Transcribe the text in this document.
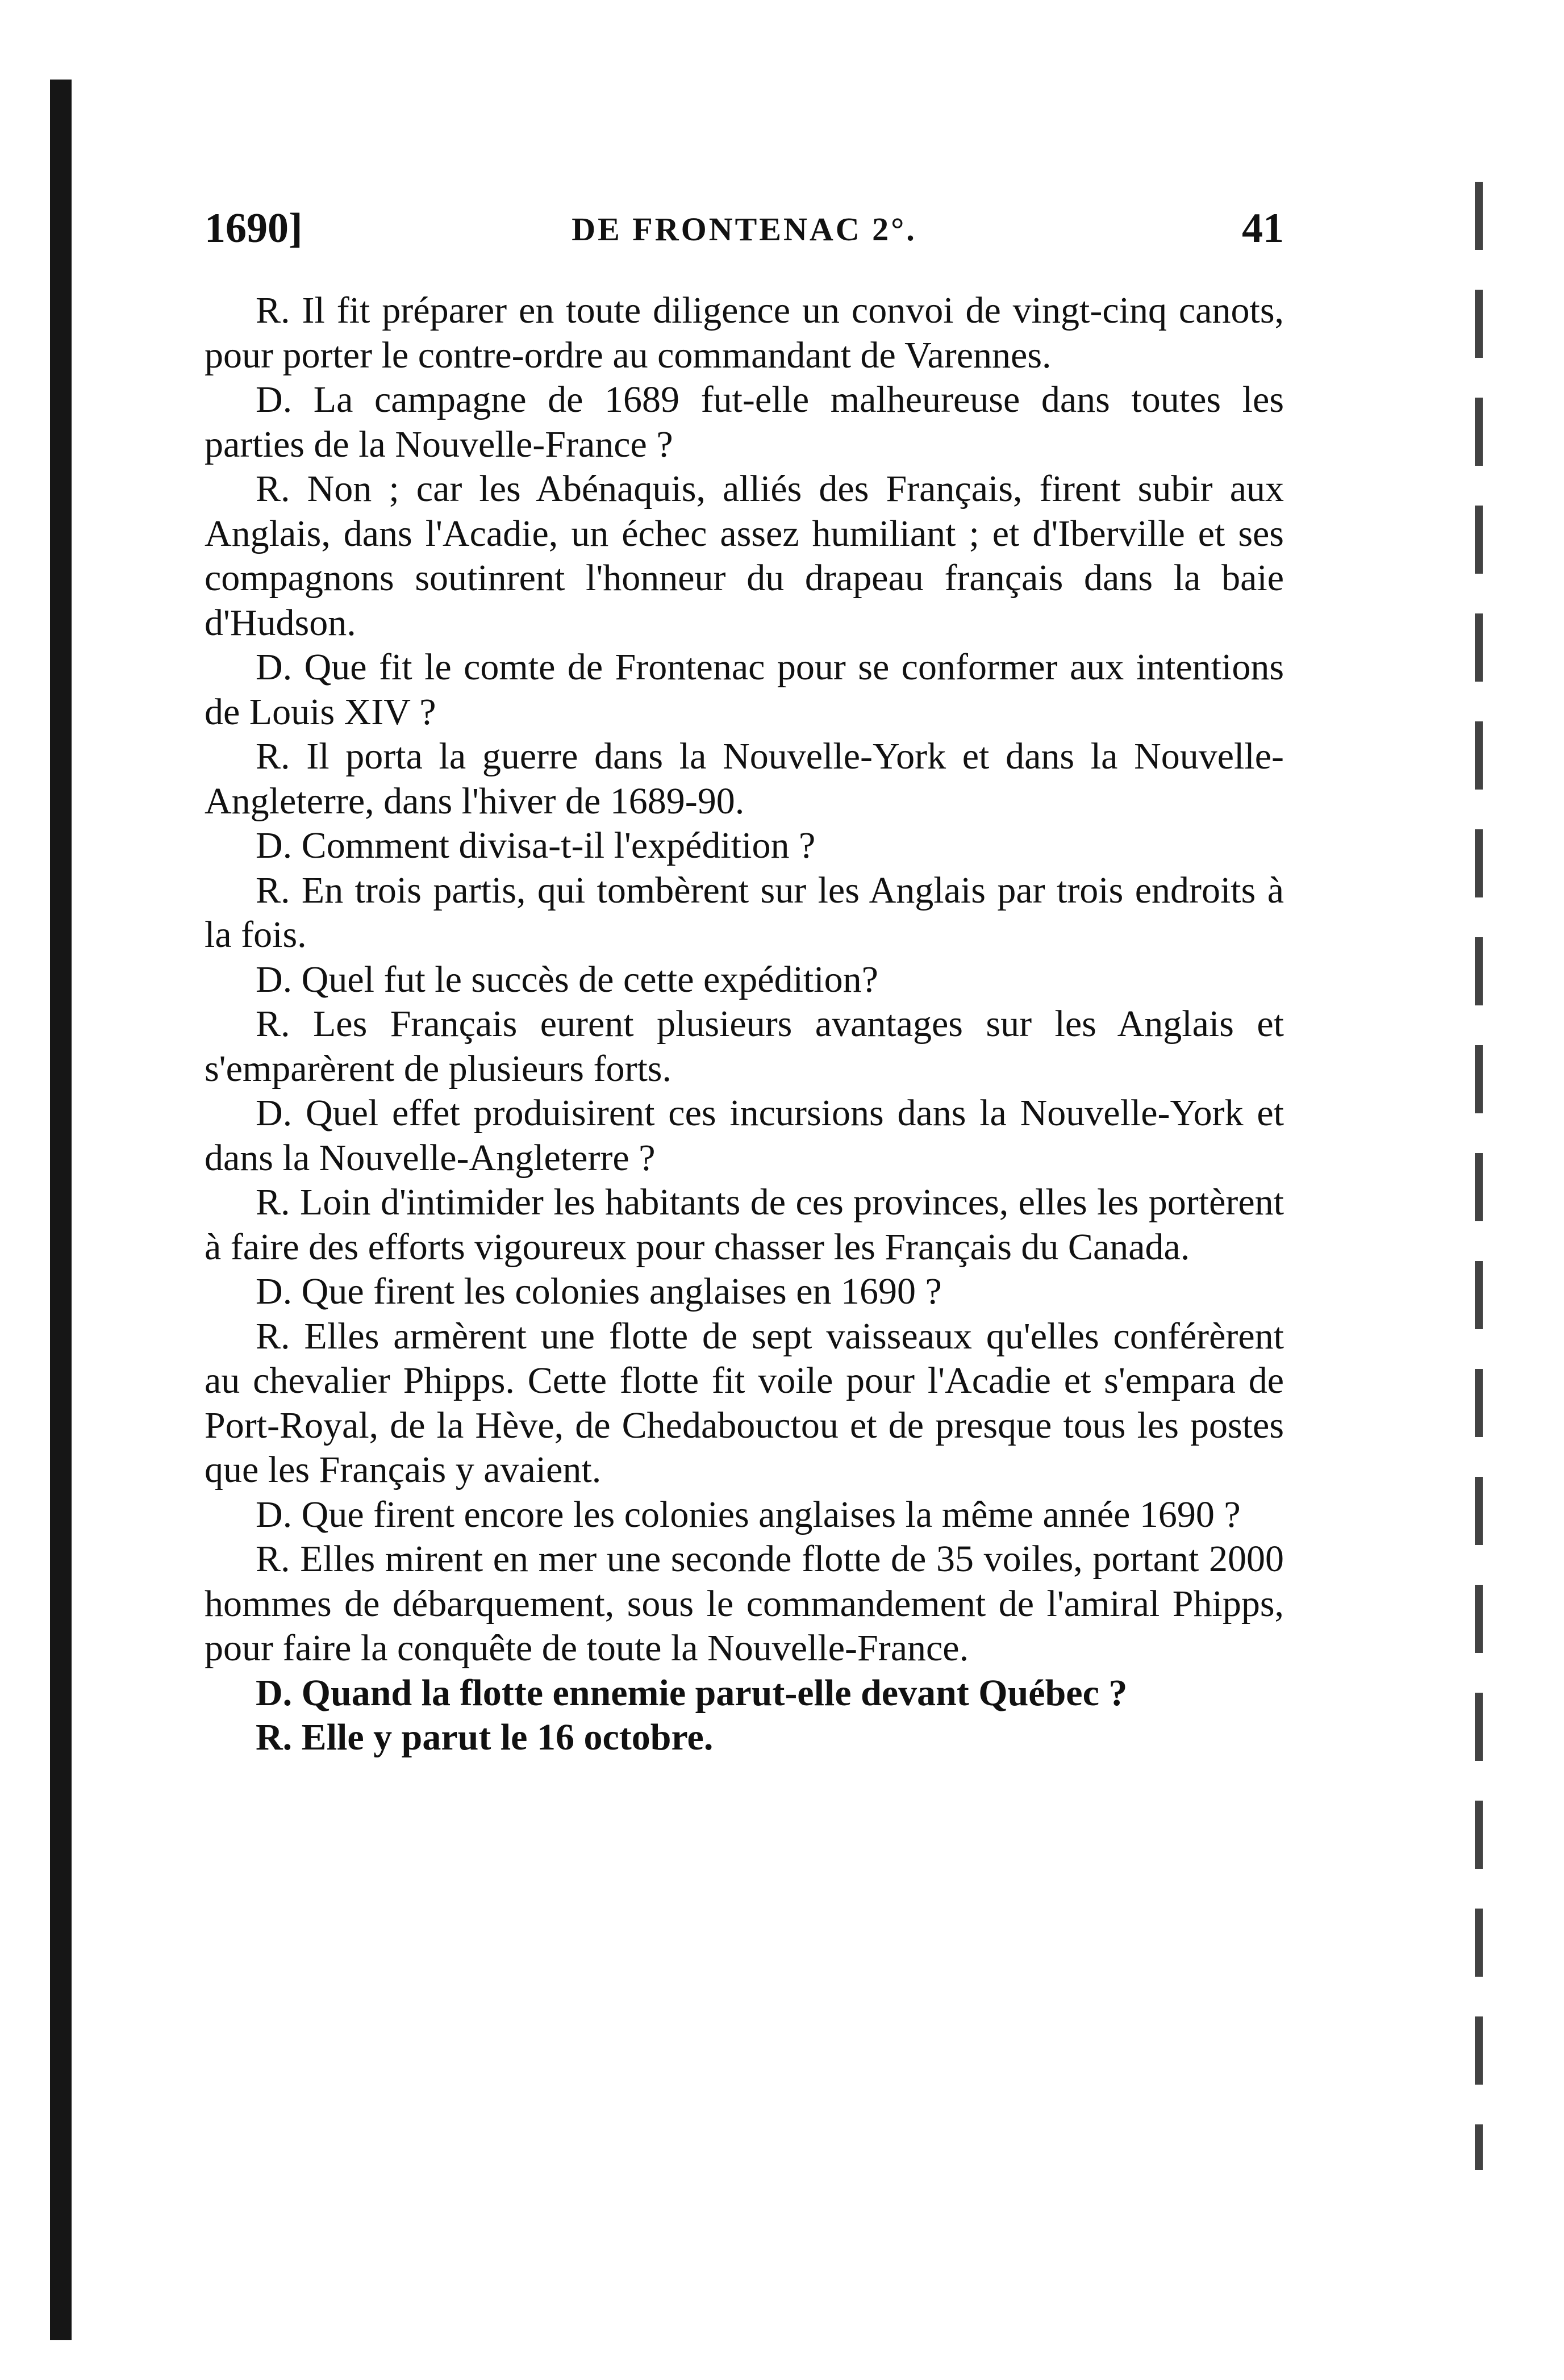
1690]	DE FRONTENAC 2°.	41

R. Il fit préparer en toute diligence un convoi de vingt-cinq canots, pour porter le contre-ordre au commandant de Varennes.

D. La campagne de 1689 fut-elle malheureuse dans toutes les parties de la Nouvelle-France ?

R. Non ; car les Abénaquis, alliés des Français, firent subir aux Anglais, dans l'Acadie, un échec assez humiliant ; et d'Iberville et ses compagnons soutinrent l'honneur du drapeau français dans la baie d'Hudson.

D. Que fit le comte de Frontenac pour se conformer aux intentions de Louis XIV ?

R. Il porta la guerre dans la Nouvelle-York et dans la Nouvelle-Angleterre, dans l'hiver de 1689-90.

D. Comment divisa-t-il l'expédition ?

R. En trois partis, qui tombèrent sur les Anglais par trois endroits à la fois.

D. Quel fut le succès de cette expédition?

R. Les Français eurent plusieurs avantages sur les Anglais et s'emparèrent de plusieurs forts.

D. Quel effet produisirent ces incursions dans la Nouvelle-York et dans la Nouvelle-Angleterre ?

R. Loin d'intimider les habitants de ces provinces, elles les portèrent à faire des efforts vigoureux pour chasser les Français du Canada.

D. Que firent les colonies anglaises en 1690 ?

R. Elles armèrent une flotte de sept vaisseaux qu'elles conférèrent au chevalier Phipps. Cette flotte fit voile pour l'Acadie et s'empara de Port-Royal, de la Hève, de Chedabouctou et de presque tous les postes que les Français y avaient.

D. Que firent encore les colonies anglaises la même année 1690 ?

R. Elles mirent en mer une seconde flotte de 35 voiles, portant 2000 hommes de débarquement, sous le commandement de l'amiral Phipps, pour faire la conquête de toute la Nouvelle-France.

D. Quand la flotte ennemie parut-elle devant Québec ?

R. Elle y parut le 16 octobre.
